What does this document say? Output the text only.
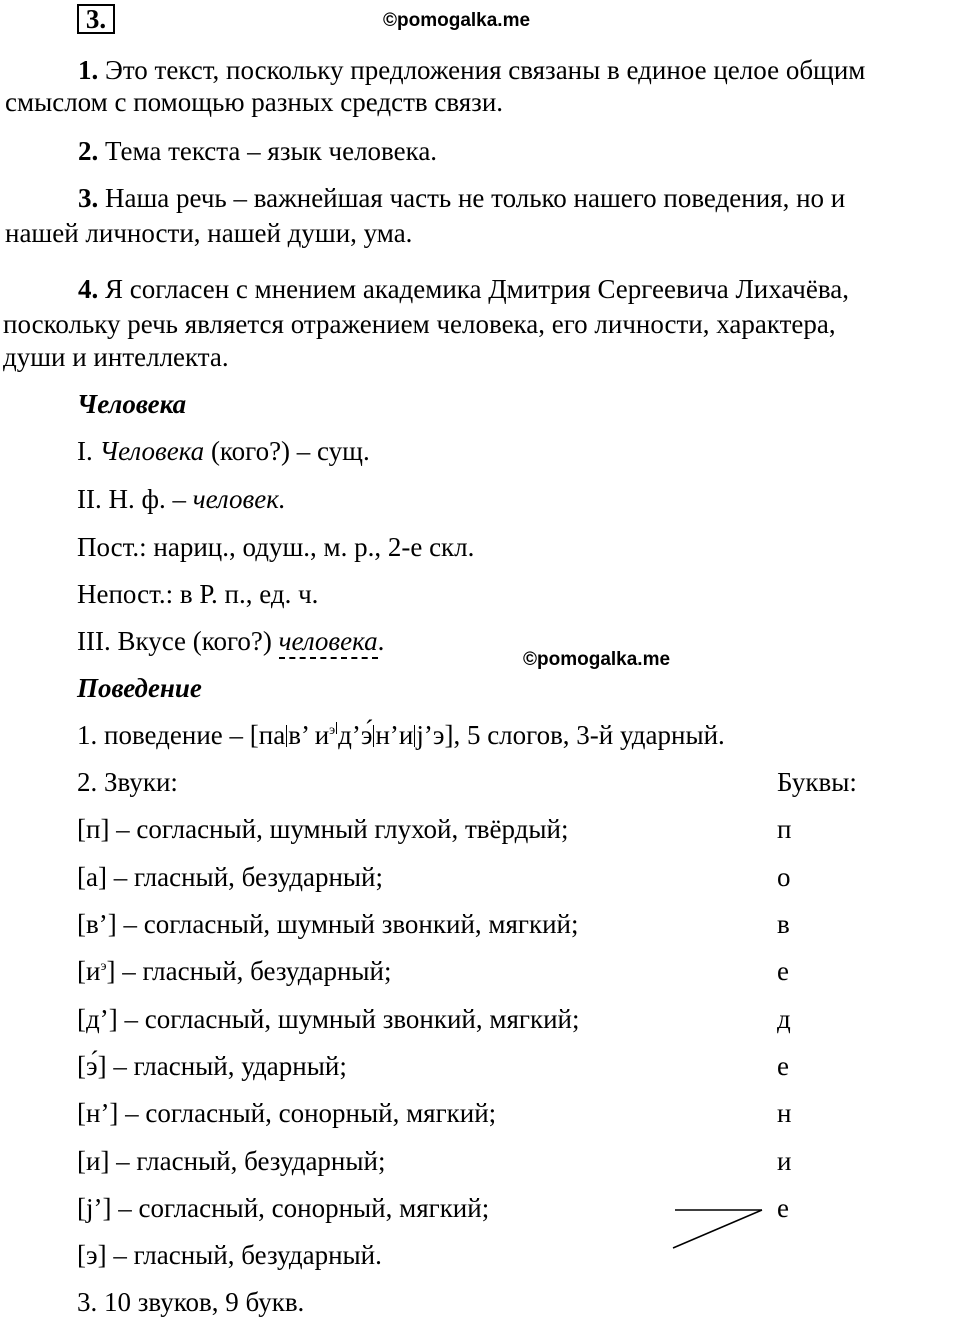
3.	©pomogalka.me
1. Это текст, поскольку предложения связаны в единое целое общим
смыслом с помощью разных средств связи.
2. Тема текста – язык человека.
3. Наша речь – важнейшая часть не только нашего поведения, но и
нашей личности, нашей души, ума.
4. Я согласен с мнением академика Дмитрия Сергеевича Лихачёва,
поскольку речь является отражением человека, его личности, характера,
души и интеллекта.
Человека
I. Человека (кого?) – сущ.
II. Н. ф. – человек.
Пост.: нариц., одуш., м. р., 2-е скл.
Непост.: в Р. п., ед. ч.
III. Вкусе (кого?) человека.
©pomogalka.me
Поведение
1. поведение – [па в’ $и^э$ д’э́ н’и j’э], 5 слогов, 3-й ударный.
2. Звуки:	Буквы:
[п] – согласный, шумный глухой, твёрдый;	п
[а] – гласный, безударный;	о
[в’] – согласный, шумный звонкий, мягкий;	в
$[и^э]$ – гласный, безударный;	е
[д’] – согласный, шумный звонкий, мягкий;	д
[э́] – гласный, ударный;	е
[н’] – согласный, сонорный, мягкий;	н
[и] – гласный, безударный;	и
[j’] – согласный, сонорный, мягкий;	е
[э] – гласный, безударный.
3. 10 звуков, 9 букв.
